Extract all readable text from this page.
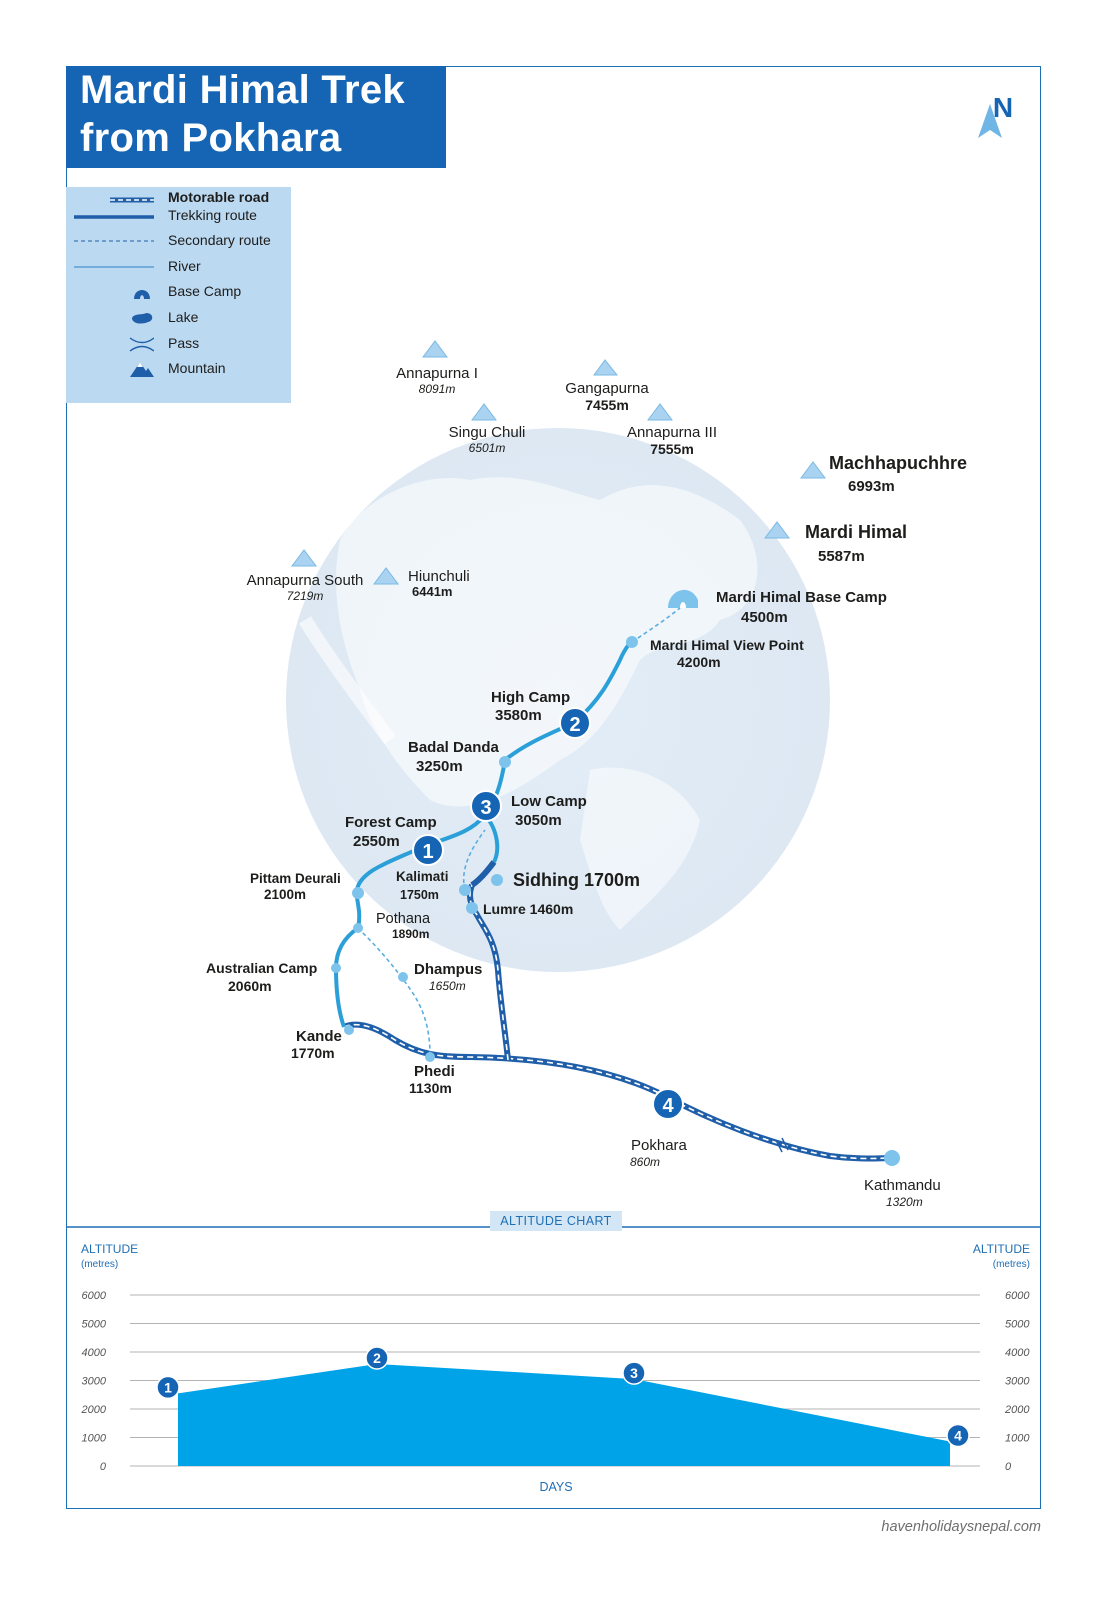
N
Annapurna I
8091m	Gangapurna
7455m
Singu Chuli
6501m
Annapurna III
7555m
Machhapuchhre
6993m
Mardi Himal
5587m
Annapurna South
7219m
Hiunchuli
6441m	Mardi Himal Base Camp
4500m
Mardi Himal View Point
4200m
High Camp
3580m
Badal Danda
3250m
Low Camp
3050m
Forest Camp
2550m
Sidhing 1700m
Pittam Deurali
2100m
Kalimati
1750m
Lumre 1460m
Pothana
1890m
Australian Camp
2060m
Dhampus
1650m
Kande
1770m
Phedi
1130m
Pokhara
860m
Kathmandu
1320m
1
2
3
4
ALTITUDE
(metres)
ALTITUDE
(metres)
6000
5000
4000
3000
2000
1000
0
6000
5000
4000
3000
2000
1000
0
1
2
3
4
DAYS
Mardi Himal Trek
from Pokhara
Motorable road
Trekking route
Secondary route
River
Base Camp
Lake
Pass
Mountain
ALTITUDE CHART
havenholidaysnepal.com
